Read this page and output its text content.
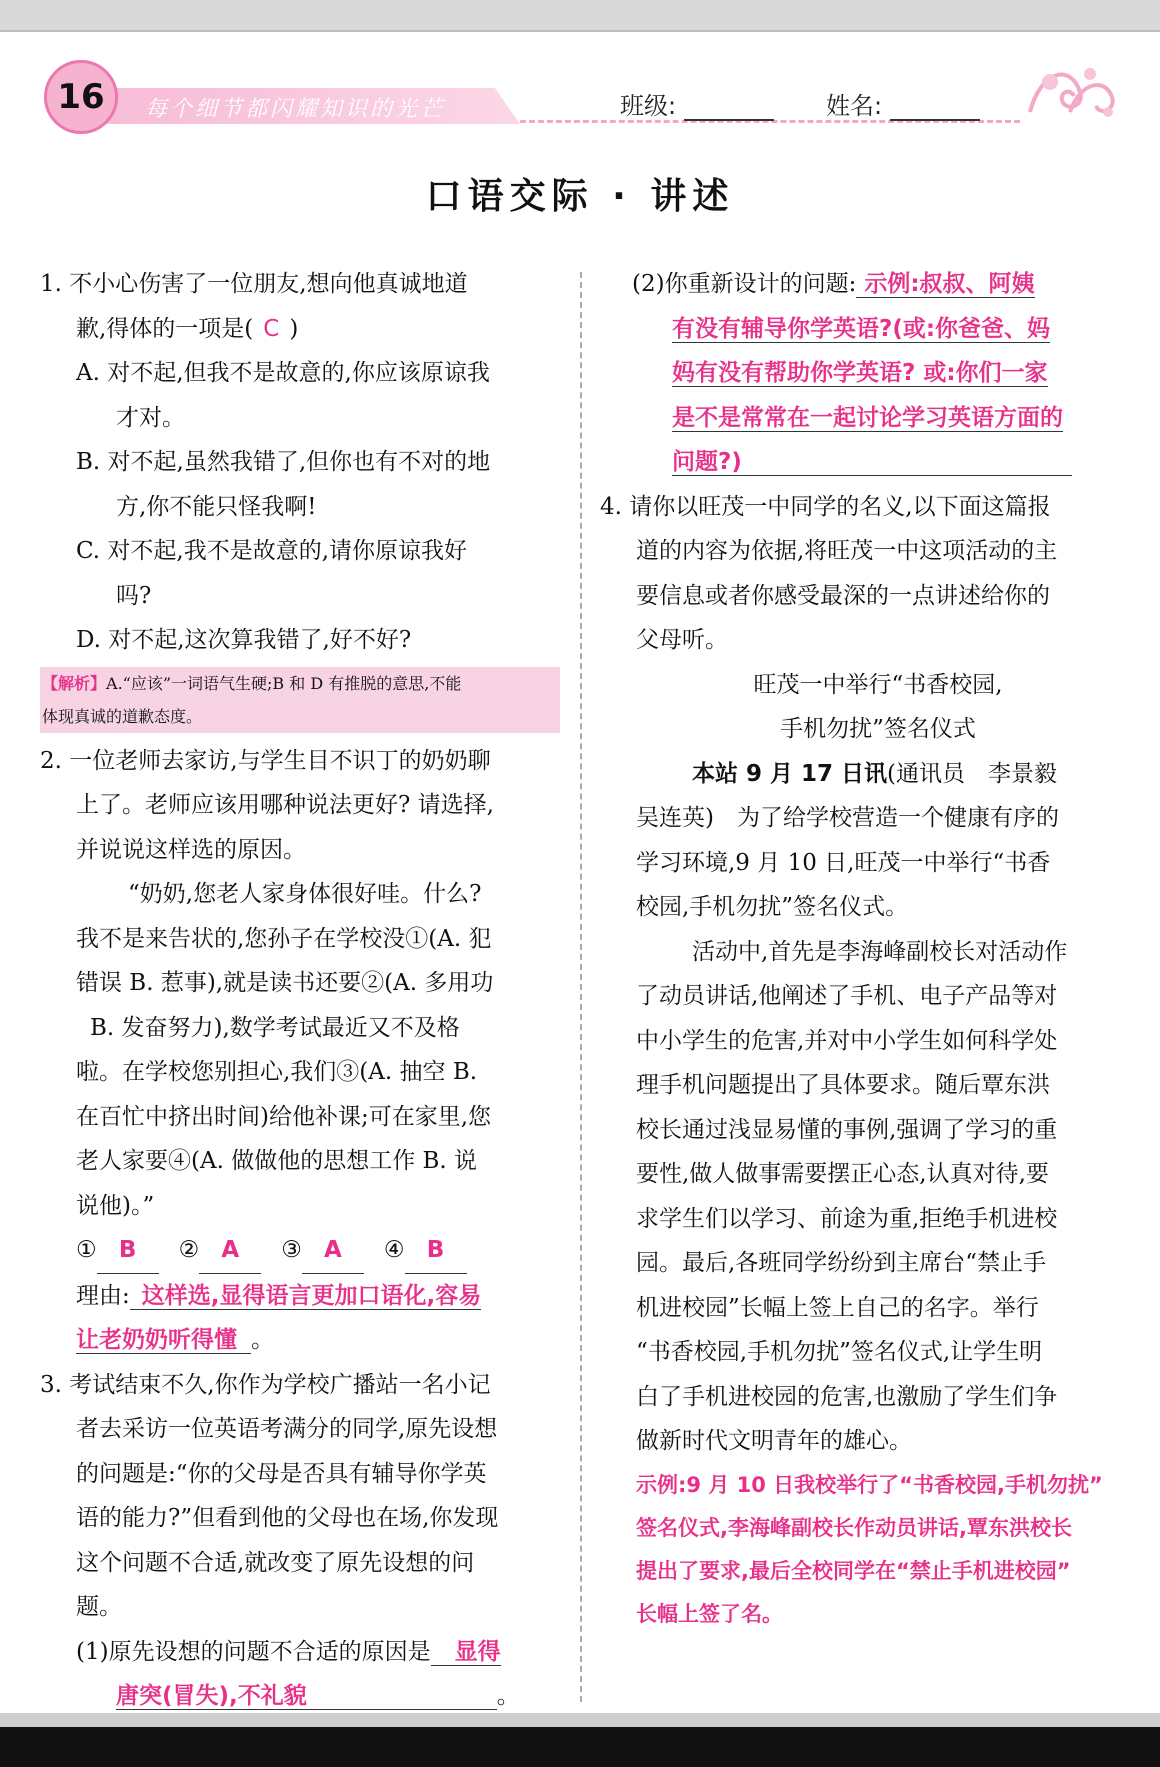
16	每个细节都闪耀知识的光芒	班级:	姓名:
口语交际 · 讲述

1. 不小心伤害了一位朋友,想向他真诚地道

歉,得体的一项是( C )

A. 对不起,但我不是故意的,你应该原谅我

才对。

B. 对不起,虽然我错了,但你也有不对的地

方,你不能只怪我啊!

C. 对不起,我不是故意的,请你原谅我好

吗?

D. 对不起,这次算我错了,好不好?

【解析】A.“应该”一词语气生硬;B 和 D 有推脱的意思,不能
体现真诚的道歉态度。

2. 一位老师去家访,与学生目不识丁的奶奶聊

上了。老师应该用哪种说法更好? 请选择,

并说说这样选的原因。

“奶奶,您老人家身体很好哇。什么?

我不是来告状的,您孙子在学校没①(A. 犯

错误 B. 惹事),就是读书还要②(A. 多用功

B. 发奋努力),数学考试最近又不及格

啦。在学校您别担心,我们③(A. 抽空 B.

在百忙中挤出时间)给他补课;可在家里,您

老人家要④(A. 做做他的思想工作 B. 说

说他)。”

① B ② A ③ A ④ B

理由: 这样选,显得语言更加口语化,容易

让老奶奶听得懂 。

3. 考试结束不久,你作为学校广播站一名小记

者去采访一位英语考满分的同学,原先设想

的问题是:“你的父母是否具有辅导你学英

语的能力?”但看到他的父母也在场,你发现

这个问题不合适,就改变了原先设想的问

题。

(1)原先设想的问题不合适的原因是 显得

唐突(冒失),不礼貌	。

(2)你重新设计的问题: 示例:叔叔、阿姨

有没有辅导你学英语?(或:你爸爸、妈

妈有没有帮助你学英语? 或:你们一家

是不是常常在一起讨论学习英语方面的

问题?)

4. 请你以旺茂一中同学的名义,以下面这篇报

道的内容为依据,将旺茂一中这项活动的主

要信息或者你感受最深的一点讲述给你的

父母听。

旺茂一中举行“书香校园,

手机勿扰”签名仪式

本站 9 月 17 日讯(通讯员　李景毅

吴连英)　为了给学校营造一个健康有序的

学习环境,9 月 10 日,旺茂一中举行“书香

校园,手机勿扰”签名仪式。

活动中,首先是李海峰副校长对活动作

了动员讲话,他阐述了手机、电子产品等对

中小学生的危害,并对中小学生如何科学处

理手机问题提出了具体要求。随后覃东洪

校长通过浅显易懂的事例,强调了学习的重

要性,做人做事需要摆正心态,认真对待,要

求学生们以学习、前途为重,拒绝手机进校

园。最后,各班同学纷纷到主席台“禁止手

机进校园”长幅上签上自己的名字。举行

“书香校园,手机勿扰”签名仪式,让学生明

白了手机进校园的危害,也激励了学生们争

做新时代文明青年的雄心。

示例:9 月 10 日我校举行了“书香校园,手机勿扰”

签名仪式,李海峰副校长作动员讲话,覃东洪校长

提出了要求,最后全校同学在“禁止手机进校园”

长幅上签了名。
